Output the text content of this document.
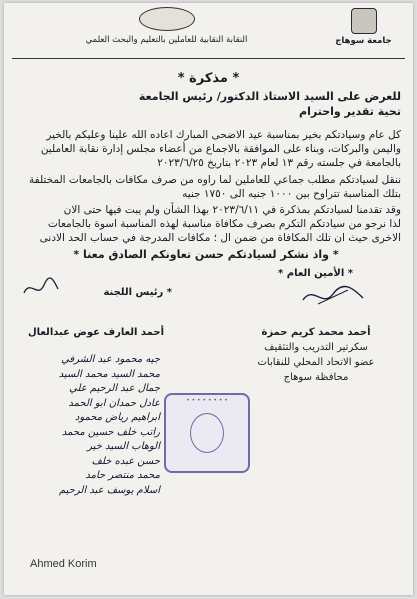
جامعة سوهاج
النقابة النقابية للعاملين بالتعليم والبحث العلمي
* مذكرة *
للعرض على السيد الاستاذ الدكتور/ رئيس الجامعة
تحية تقدير واحترام
كل عام وسيادتكم بخير بمناسبة عيد الاضحى المبارك اعاده الله علينا وعليكم بالخير
واليمن والبركات، وبناء على الموافقة بالاجماع من أعضاء مجلس إدارة نقابة العاملين
بالجامعة في جلسته رقم ١٣ لعام ٢٠٢٣ بتاريخ ٢٠٢٣/٦/٢٥
ننقل لسيادتكم مطلب جماعي للعاملين لما راوه من صرف مكافات بالجامعات المختلفة
بتلك المناسبة تتراوح بين ١٠٠٠ جنيه الى ١٧٥٠ جنيه
وقد تقدمنا لسيادتكم بمذكرة في ٢٠٢٣/٦/١١ بهذا الشأن ولم يبت فيها حتى الان
لذا نرجو من سيادتكم التكرم بصرف مكافاة مناسبة لهذه المناسبة اسوة بالجامعات
الاخرى حيث ان تلك المكافاة من ضمن ال ؛ مكافات المدرجة في حساب الحد الادنى
* واذ نشكر لسيادتكم حسن تعاونكم الصادق معنا *
* الأمين العام *
أحمد محمد كريم حمزة
سكرتير التدريب والتثقيف
عضو الاتحاد المحلي للنقابات
محافظة سوهاج
* رئيس اللجنة
أحمد العارف عوض عبدالعال
• • • • • • • •
جيه محمود عبد الشرفي
محمد السيد محمد السيد
جمال عبد الرحيم علي
عادل حمدان ابو الحمد
ابراهيم رياض محمود
راتب خلف حسين محمد
الوهاب السيد خير
حسن عبده خلف
محمد منتصر حامد
اسلام يوسف عبد الرحيم
Ahmed Korim
